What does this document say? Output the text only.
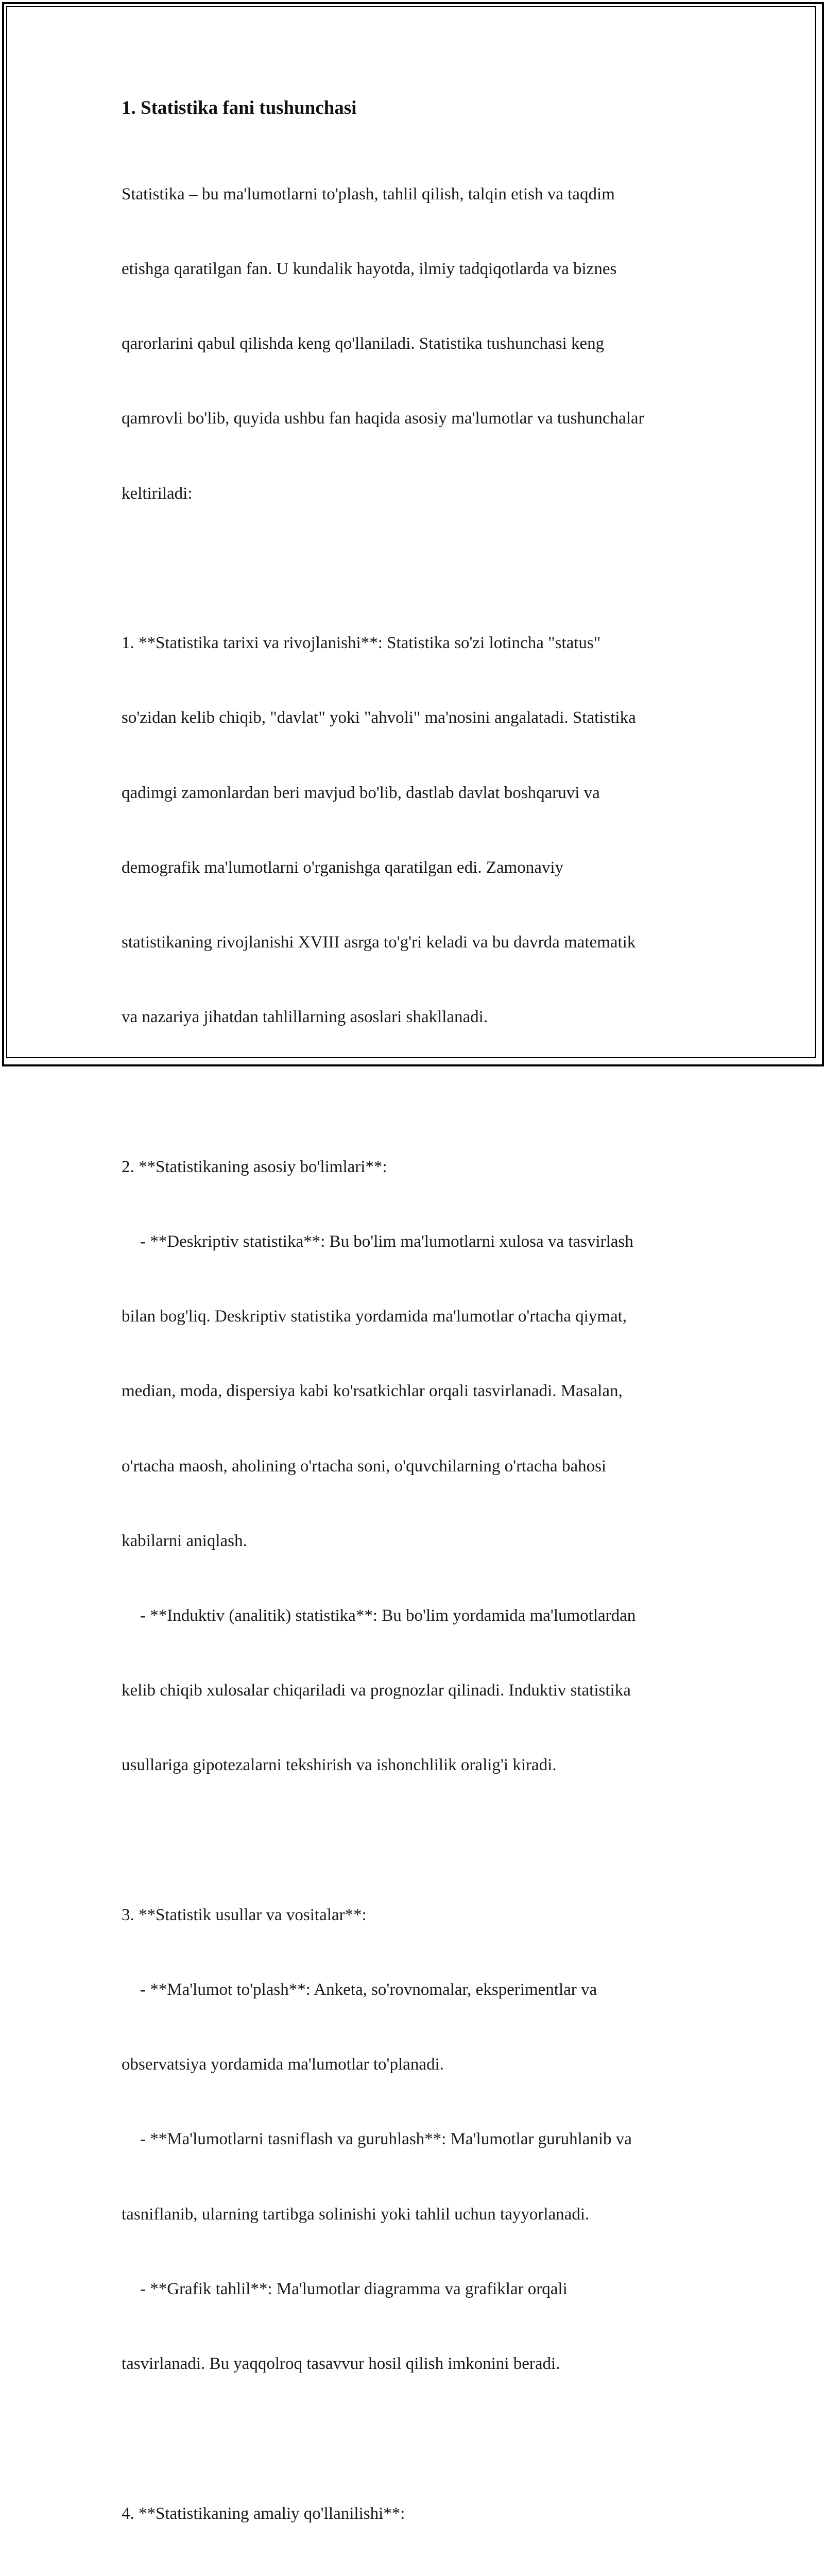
1. Statistika fani tushunchasi

Statistika – bu ma'lumotlarni to'plash, tahlil qilish, talqin etish va taqdim

etishga qaratilgan fan. U kundalik hayotda, ilmiy tadqiqotlarda va biznes

qarorlarini qabul qilishda keng qo'llaniladi. Statistika tushunchasi keng

qamrovli bo'lib, quyida ushbu fan haqida asosiy ma'lumotlar va tushunchalar

keltiriladi:

1. **Statistika tarixi va rivojlanishi**: Statistika so'zi lotincha "status"

so'zidan kelib chiqib, "davlat" yoki "ahvoli" ma'nosini angalatadi. Statistika

qadimgi zamonlardan beri mavjud bo'lib, dastlab davlat boshqaruvi va

demografik ma'lumotlarni o'rganishga qaratilgan edi. Zamonaviy

statistikaning rivojlanishi XVIII asrga to'g'ri keladi va bu davrda matematik

va nazariya jihatdan tahlillarning asoslari shakllanadi.

2. **Statistikaning asosiy bo'limlari**:

- **Deskriptiv statistika**: Bu bo'lim ma'lumotlarni xulosa va tasvirlash

bilan bog'liq. Deskriptiv statistika yordamida ma'lumotlar o'rtacha qiymat,

median, moda, dispersiya kabi ko'rsatkichlar orqali tasvirlanadi. Masalan,

o'rtacha maosh, aholining o'rtacha soni, o'quvchilarning o'rtacha bahosi

kabilarni aniqlash.

- **Induktiv (analitik) statistika**: Bu bo'lim yordamida ma'lumotlardan

kelib chiqib xulosalar chiqariladi va prognozlar qilinadi. Induktiv statistika

usullariga gipotezalarni tekshirish va ishonchlilik oralig'i kiradi.

3. **Statistik usullar va vositalar**:

- **Ma'lumot to'plash**: Anketa, so'rovnomalar, eksperimentlar va

observatsiya yordamida ma'lumotlar to'planadi.

- **Ma'lumotlarni tasniflash va guruhlash**: Ma'lumotlar guruhlanib va

tasniflanib, ularning tartibga solinishi yoki tahlil uchun tayyorlanadi.

- **Grafik tahlil**: Ma'lumotlar diagramma va grafiklar orqali

tasvirlanadi. Bu yaqqolroq tasavvur hosil qilish imkonini beradi.

4. **Statistikaning amaliy qo'llanilishi**:
